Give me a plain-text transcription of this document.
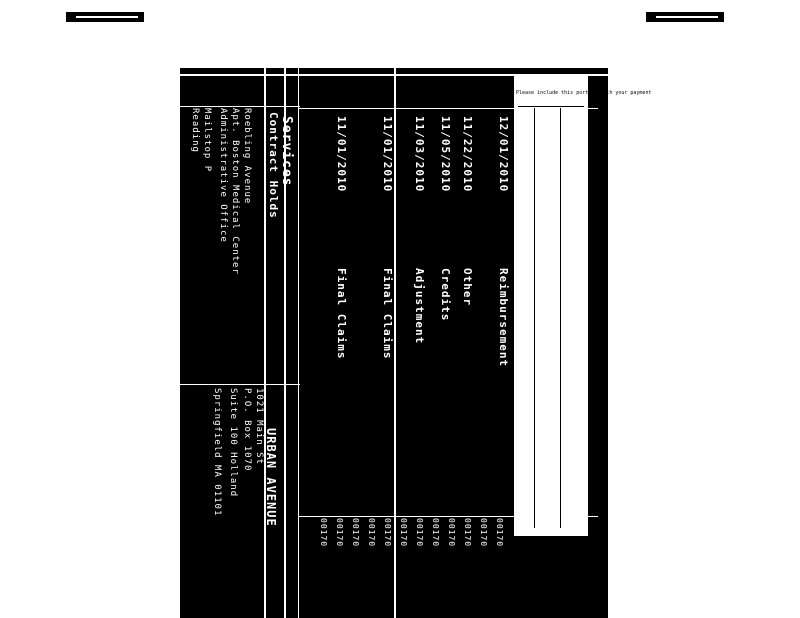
Services
Contract Holds
URBAN AVENUE
Roebling Avenue
Apt. Boston Medical Center
Administrative Office
Mailstop P
Reading
1021 Main St
P.O. Box 1070
Suite 100 Holland
Springfield MA 01101
11/01/2010
Final Claims
11/01/2010
Final Claims
11/03/2010
Adjustment
11/05/2010
Credits
11/22/2010
Other
12/01/2010
Reimbursement
Please include this portion with your payment
00170 00170 00170 00170 00170 00170 00170 00170 00170 00170 00170 00170
